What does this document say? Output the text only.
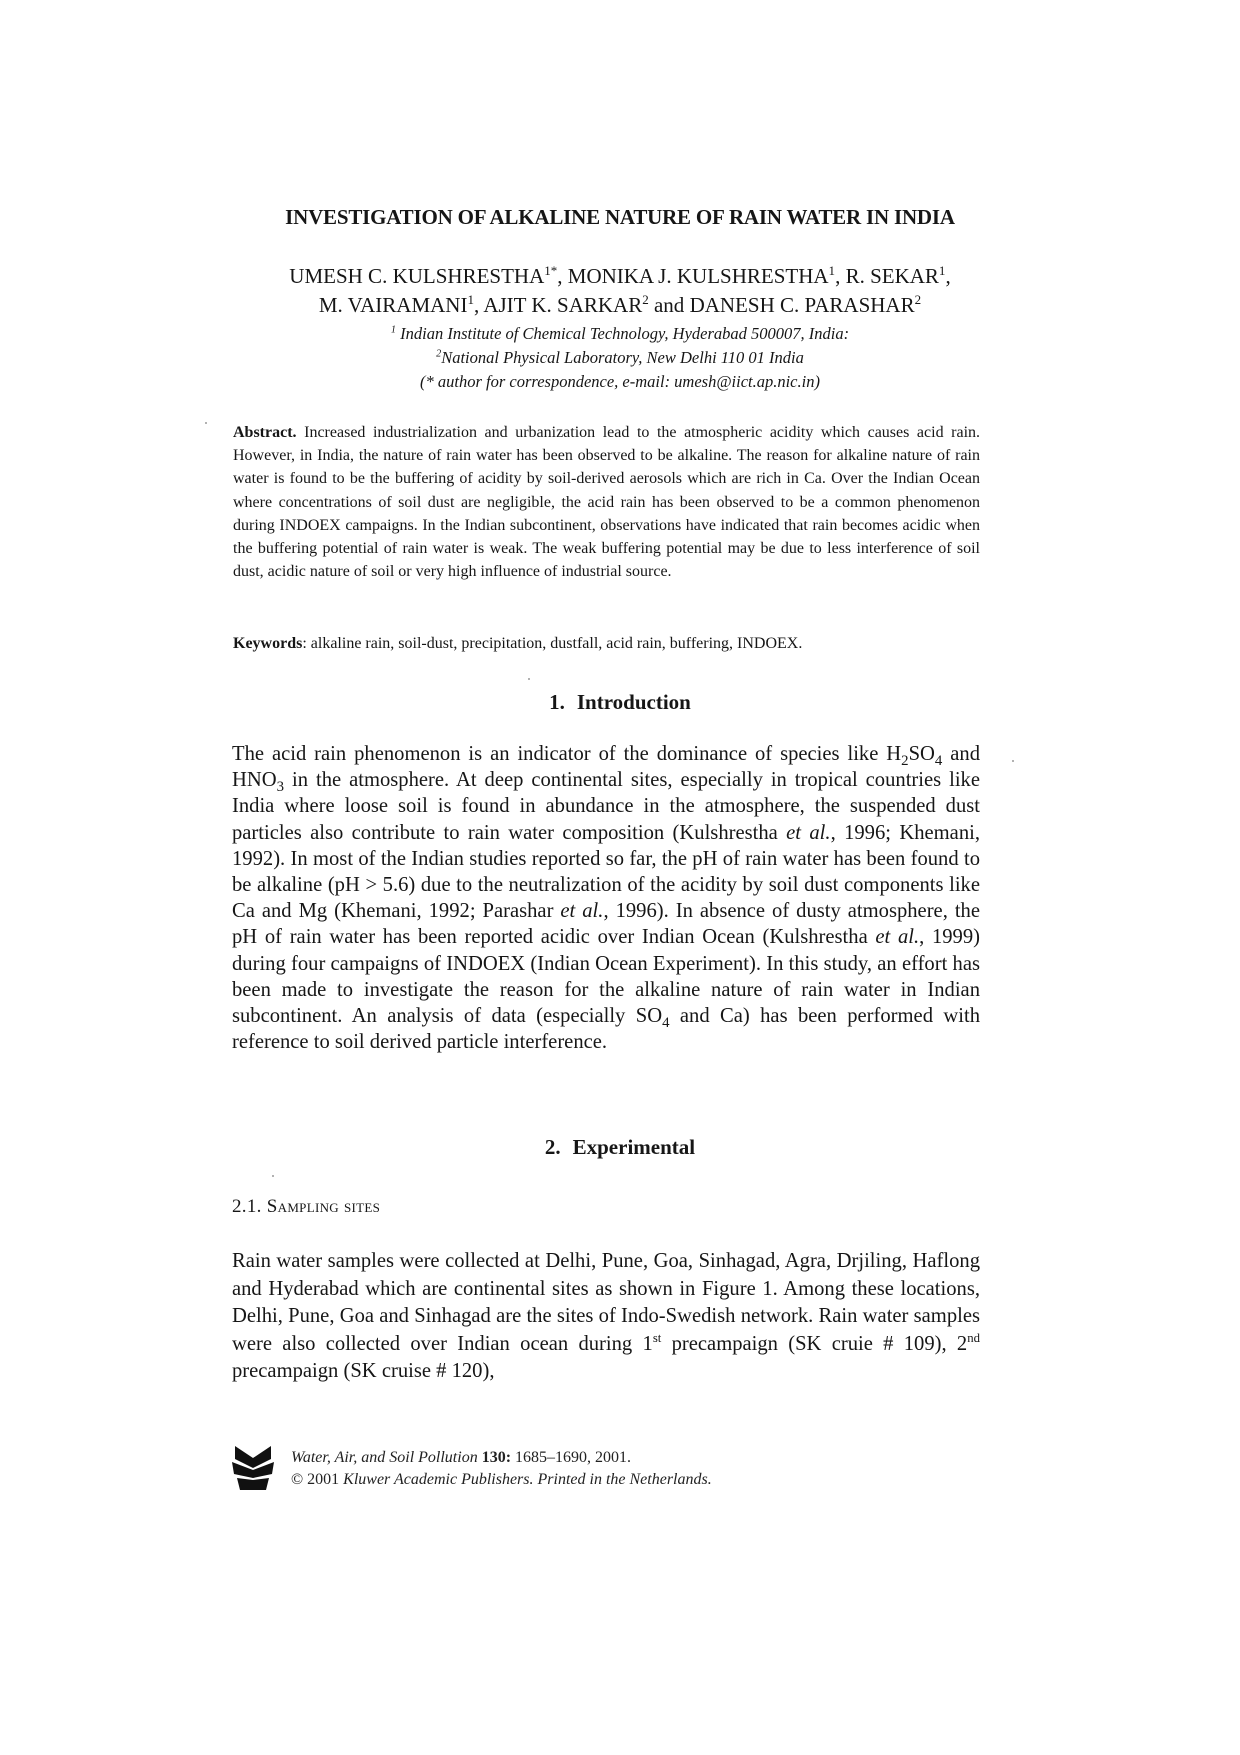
INVESTIGATION OF ALKALINE NATURE OF RAIN WATER IN INDIA
UMESH C. $KULSHRESTHA^{1*}$, MONIKA J. KULSHRESTHA$^1$, R. SEKAR$^1$,
M. VAIRAMANI$^1$, AJIT K. SARKAR$^2$ and DANESH C. PARASHAR$^2$
$^1$ Indian Institute of Chemical Technology, Hyderabad 500007, India:
$^2$National Physical Laboratory, New Delhi 110 01 India
(* author for correspondence, e-mail: umesh@iict.ap.nic.in)
Abstract. Increased industrialization and urbanization lead to the atmospheric acidity which causes acid rain. However, in India, the nature of rain water has been observed to be alkaline. The reason for alkaline nature of rain water is found to be the buffering of acidity by soil-derived aerosols which are rich in Ca. Over the Indian Ocean where concentrations of soil dust are negligible, the acid rain has been observed to be a common phenomenon during INDOEX campaigns. In the Indian subcontinent, observations have indicated that rain becomes acidic when the buffering potential of rain water is weak. The weak buffering potential may be due to less interference of soil dust, acidic nature of soil or very high influence of industrial source.
Keywords: alkaline rain, soil-dust, precipitation, dustfall, acid rain, buffering, INDOEX.
1. Introduction
The acid rain phenomenon is an indicator of the dominance of species like $H_2SO_4$ and $HNO_3$ in the atmosphere. At deep continental sites, especially in tropical countries like India where loose soil is found in abundance in the atmosphere, the suspended dust particles also contribute to rain water composition (Kulshrestha et al., 1996; Khemani, 1992). In most of the Indian studies reported so far, the pH of rain water has been found to be alkaline (pH > 5.6) due to the neutralization of the acidity by soil dust components like Ca and Mg (Khemani, 1992; Parashar et al., 1996). In absence of dusty atmosphere, the pH of rain water has been reported acidic over Indian Ocean (Kulshrestha et al., 1999) during four campaigns of INDOEX (Indian Ocean Experiment). In this study, an effort has been made to investigate the reason for the alkaline nature of rain water in Indian subcontinent. An analysis of data (especially $SO_4$ and Ca) has been performed with reference to soil derived particle interference.
2. Experimental
2.1. Sampling sites
Rain water samples were collected at Delhi, Pune, Goa, Sinhagad, Agra, Drjiling, Haflong and Hyderabad which are continental sites as shown in Figure 1. Among these locations, Delhi, Pune, Goa and Sinhagad are the sites of Indo-Swedish network. Rain water samples were also collected over Indian ocean during 1st precampaign (SK cruie # 109), 2nd precampaign (SK cruise # 120),
Water, Air, and Soil Pollution 130: 1685–1690, 2001.
© 2001 Kluwer Academic Publishers. Printed in the Netherlands.
